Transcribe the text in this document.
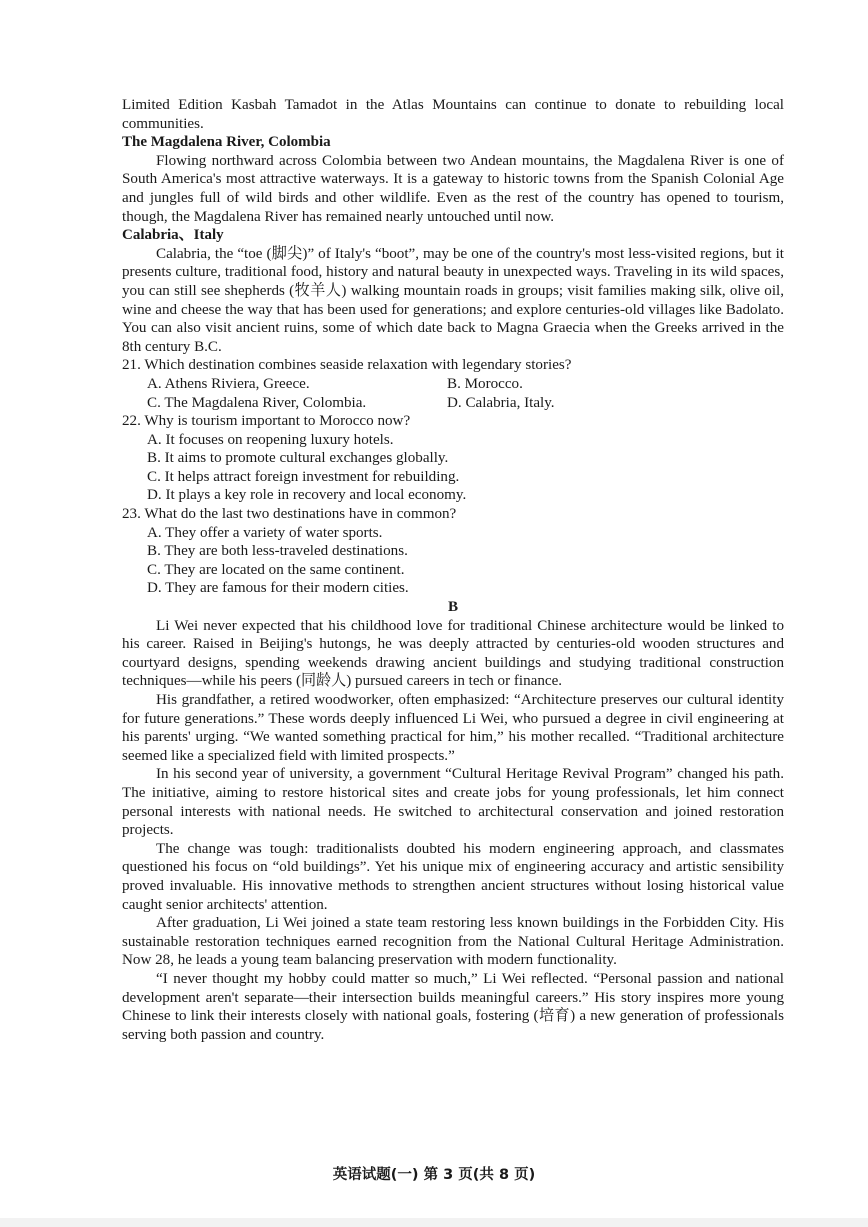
Limited Edition Kasbah Tamadot in the Atlas Mountains can continue to donate to rebuilding local communities.

The Magdalena River, Colombia

Flowing northward across Colombia between two Andean mountains, the Magdalena River is one of South America's most attractive waterways. It is a gateway to historic towns from the Spanish Colonial Age and jungles full of wild birds and other wildlife. Even as the rest of the country has opened to tourism, though, the Magdalena River has remained nearly untouched until now.

Calabria、Italy

Calabria, the “toe (脚尖)” of Italy's “boot”, may be one of the country's most less-visited regions, but it presents culture, traditional food, history and natural beauty in unexpected ways. Traveling in its wild spaces, you can still see shepherds (牧羊人) walking mountain roads in groups; visit families making silk, olive oil, wine and cheese the way that has been used for generations; and explore centuries-old villages like Badolato. You can also visit ancient ruins, some of which date back to Magna Graecia when the Greeks arrived in the 8th century B.C.

21. Which destination combines seaside relaxation with legendary stories?

A. Athens Riviera, Greece.	B. Morocco.
C. The Magdalena River, Colombia.	D. Calabria, Italy.

22. Why is tourism important to Morocco now?

A. It focuses on reopening luxury hotels.

B. It aims to promote cultural exchanges globally.

C. It helps attract foreign investment for rebuilding.

D. It plays a key role in recovery and local economy.

23. What do the last two destinations have in common?

A. They offer a variety of water sports.

B. They are both less-traveled destinations.

C. They are located on the same continent.

D. They are famous for their modern cities.

B

Li Wei never expected that his childhood love for traditional Chinese architecture would be linked to his career. Raised in Beijing's hutongs, he was deeply attracted by centuries-old wooden structures and courtyard designs, spending weekends drawing ancient buildings and studying traditional construction techniques—while his peers (同龄人) pursued careers in tech or finance.

His grandfather, a retired woodworker, often emphasized: “Architecture preserves our cultural identity for future generations.” These words deeply influenced Li Wei, who pursued a degree in civil engineering at his parents' urging. “We wanted something practical for him,” his mother recalled. “Traditional architecture seemed like a specialized field with limited prospects.”

In his second year of university, a government “Cultural Heritage Revival Program” changed his path. The initiative, aiming to restore historical sites and create jobs for young professionals, let him connect personal interests with national needs. He switched to architectural conservation and joined restoration projects.

The change was tough: traditionalists doubted his modern engineering approach, and classmates questioned his focus on “old buildings”. Yet his unique mix of engineering accuracy and artistic sensibility proved invaluable. His innovative methods to strengthen ancient structures without losing historical value caught senior architects' attention.

After graduation, Li Wei joined a state team restoring less known buildings in the Forbidden City. His sustainable restoration techniques earned recognition from the National Cultural Heritage Administration. Now 28, he leads a young team balancing preservation with modern functionality.

“I never thought my hobby could matter so much,” Li Wei reflected. “Personal passion and national development aren't separate—their intersection builds meaningful careers.” His story inspires more young Chinese to link their interests closely with national goals, fostering (培育) a new generation of professionals serving both passion and country.

英语试题(一) 第 3 页(共 8 页)
